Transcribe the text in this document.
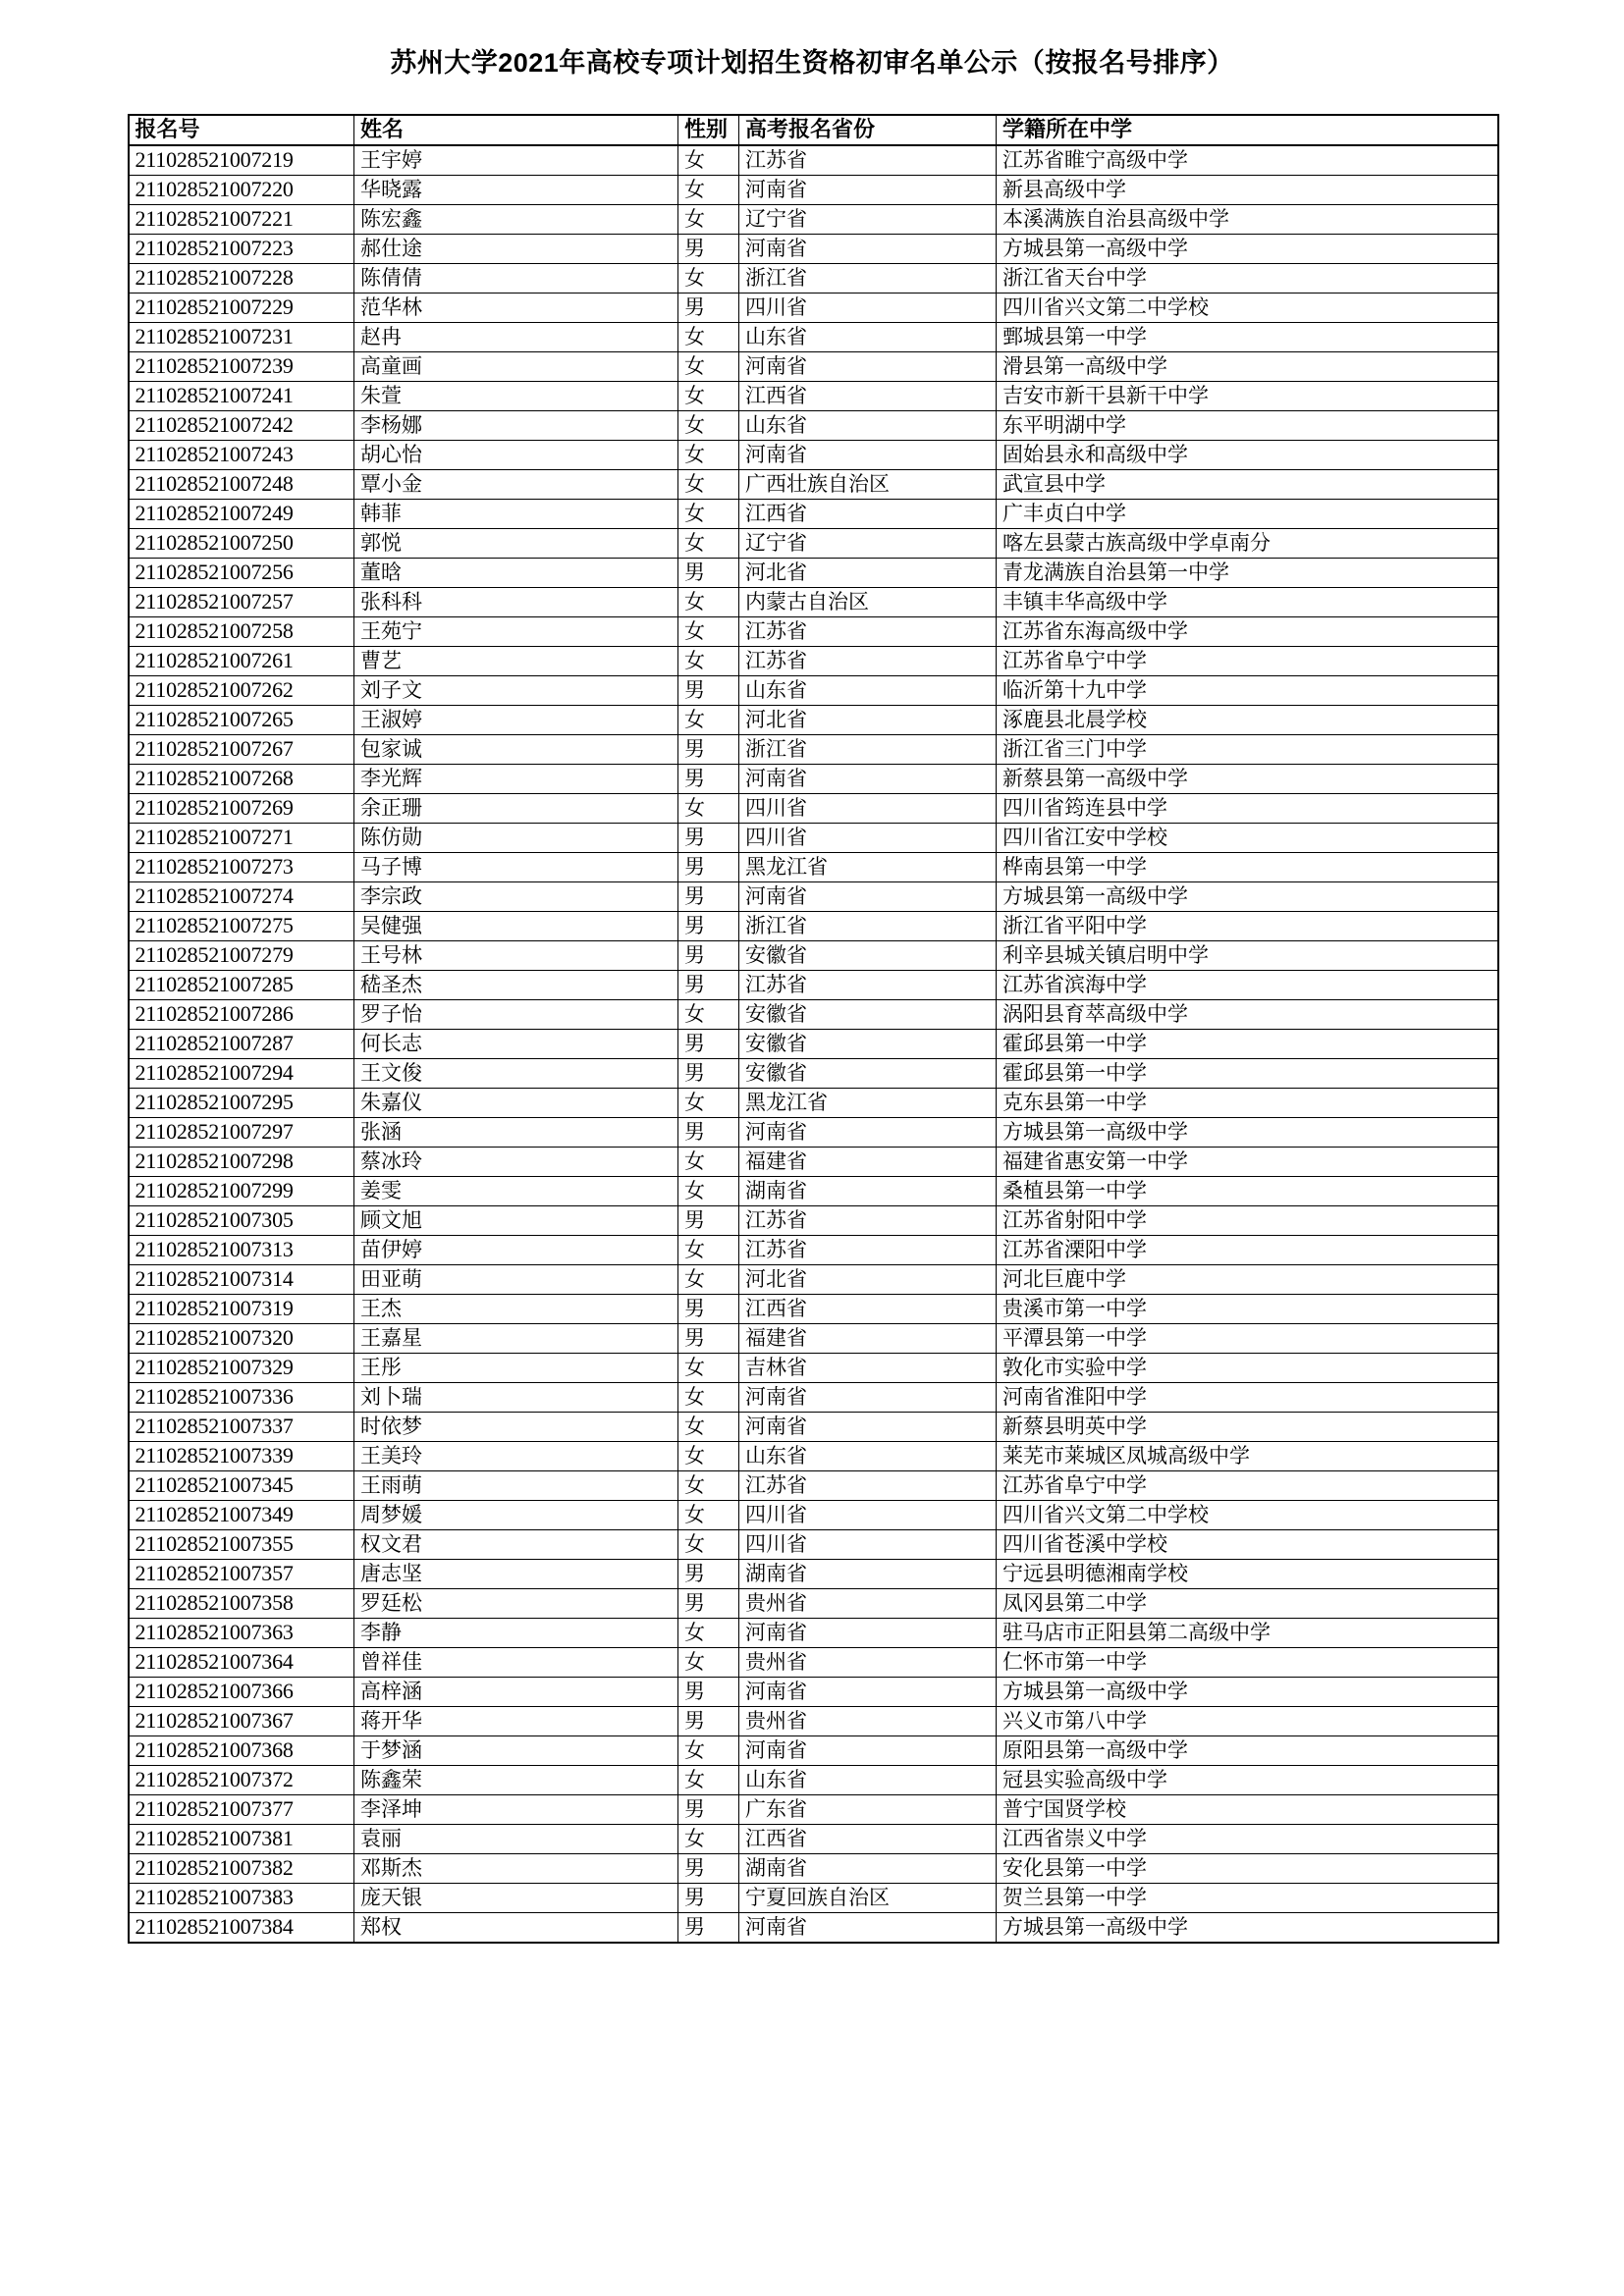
苏州大学2021年高校专项计划招生资格初审名单公示（按报名号排序）
报名号	姓名	性别	高考报名省份	学籍所在中学
211028521007219	王宇婷	女	江苏省	江苏省睢宁高级中学
211028521007220	华晓露	女	河南省	新县高级中学
211028521007221	陈宏鑫	女	辽宁省	本溪满族自治县高级中学
211028521007223	郝仕途	男	河南省	方城县第一高级中学
211028521007228	陈倩倩	女	浙江省	浙江省天台中学
211028521007229	范华林	男	四川省	四川省兴文第二中学校
211028521007231	赵冉	女	山东省	鄄城县第一中学
211028521007239	高童画	女	河南省	滑县第一高级中学
211028521007241	朱萱	女	江西省	吉安市新干县新干中学
211028521007242	李杨娜	女	山东省	东平明湖中学
211028521007243	胡心怡	女	河南省	固始县永和高级中学
211028521007248	覃小金	女	广西壮族自治区	武宣县中学
211028521007249	韩菲	女	江西省	广丰贞白中学
211028521007250	郭悦	女	辽宁省	喀左县蒙古族高级中学卓南分
211028521007256	董晗	男	河北省	青龙满族自治县第一中学
211028521007257	张科科	女	内蒙古自治区	丰镇丰华高级中学
211028521007258	王苑宁	女	江苏省	江苏省东海高级中学
211028521007261	曹艺	女	江苏省	江苏省阜宁中学
211028521007262	刘子文	男	山东省	临沂第十九中学
211028521007265	王淑婷	女	河北省	涿鹿县北晨学校
211028521007267	包家诚	男	浙江省	浙江省三门中学
211028521007268	李光辉	男	河南省	新蔡县第一高级中学
211028521007269	余正珊	女	四川省	四川省筠连县中学
211028521007271	陈仿勋	男	四川省	四川省江安中学校
211028521007273	马子博	男	黑龙江省	桦南县第一中学
211028521007274	李宗政	男	河南省	方城县第一高级中学
211028521007275	吴健强	男	浙江省	浙江省平阳中学
211028521007279	王号林	男	安徽省	利辛县城关镇启明中学
211028521007285	嵇圣杰	男	江苏省	江苏省滨海中学
211028521007286	罗子怡	女	安徽省	涡阳县育萃高级中学
211028521007287	何长志	男	安徽省	霍邱县第一中学
211028521007294	王文俊	男	安徽省	霍邱县第一中学
211028521007295	朱嘉仪	女	黑龙江省	克东县第一中学
211028521007297	张涵	男	河南省	方城县第一高级中学
211028521007298	蔡冰玲	女	福建省	福建省惠安第一中学
211028521007299	姜雯	女	湖南省	桑植县第一中学
211028521007305	顾文旭	男	江苏省	江苏省射阳中学
211028521007313	苗伊婷	女	江苏省	江苏省溧阳中学
211028521007314	田亚萌	女	河北省	河北巨鹿中学
211028521007319	王杰	男	江西省	贵溪市第一中学
211028521007320	王嘉星	男	福建省	平潭县第一中学
211028521007329	王彤	女	吉林省	敦化市实验中学
211028521007336	刘卜瑞	女	河南省	河南省淮阳中学
211028521007337	时依梦	女	河南省	新蔡县明英中学
211028521007339	王美玲	女	山东省	莱芜市莱城区凤城高级中学
211028521007345	王雨萌	女	江苏省	江苏省阜宁中学
211028521007349	周梦媛	女	四川省	四川省兴文第二中学校
211028521007355	权文君	女	四川省	四川省苍溪中学校
211028521007357	唐志坚	男	湖南省	宁远县明德湘南学校
211028521007358	罗廷松	男	贵州省	凤冈县第二中学
211028521007363	李静	女	河南省	驻马店市正阳县第二高级中学
211028521007364	曾祥佳	女	贵州省	仁怀市第一中学
211028521007366	高梓涵	男	河南省	方城县第一高级中学
211028521007367	蒋开华	男	贵州省	兴义市第八中学
211028521007368	于梦涵	女	河南省	原阳县第一高级中学
211028521007372	陈鑫荣	女	山东省	冠县实验高级中学
211028521007377	李泽坤	男	广东省	普宁国贤学校
211028521007381	袁丽	女	江西省	江西省崇义中学
211028521007382	邓斯杰	男	湖南省	安化县第一中学
211028521007383	庞天银	男	宁夏回族自治区	贺兰县第一中学
211028521007384	郑权	男	河南省	方城县第一高级中学
